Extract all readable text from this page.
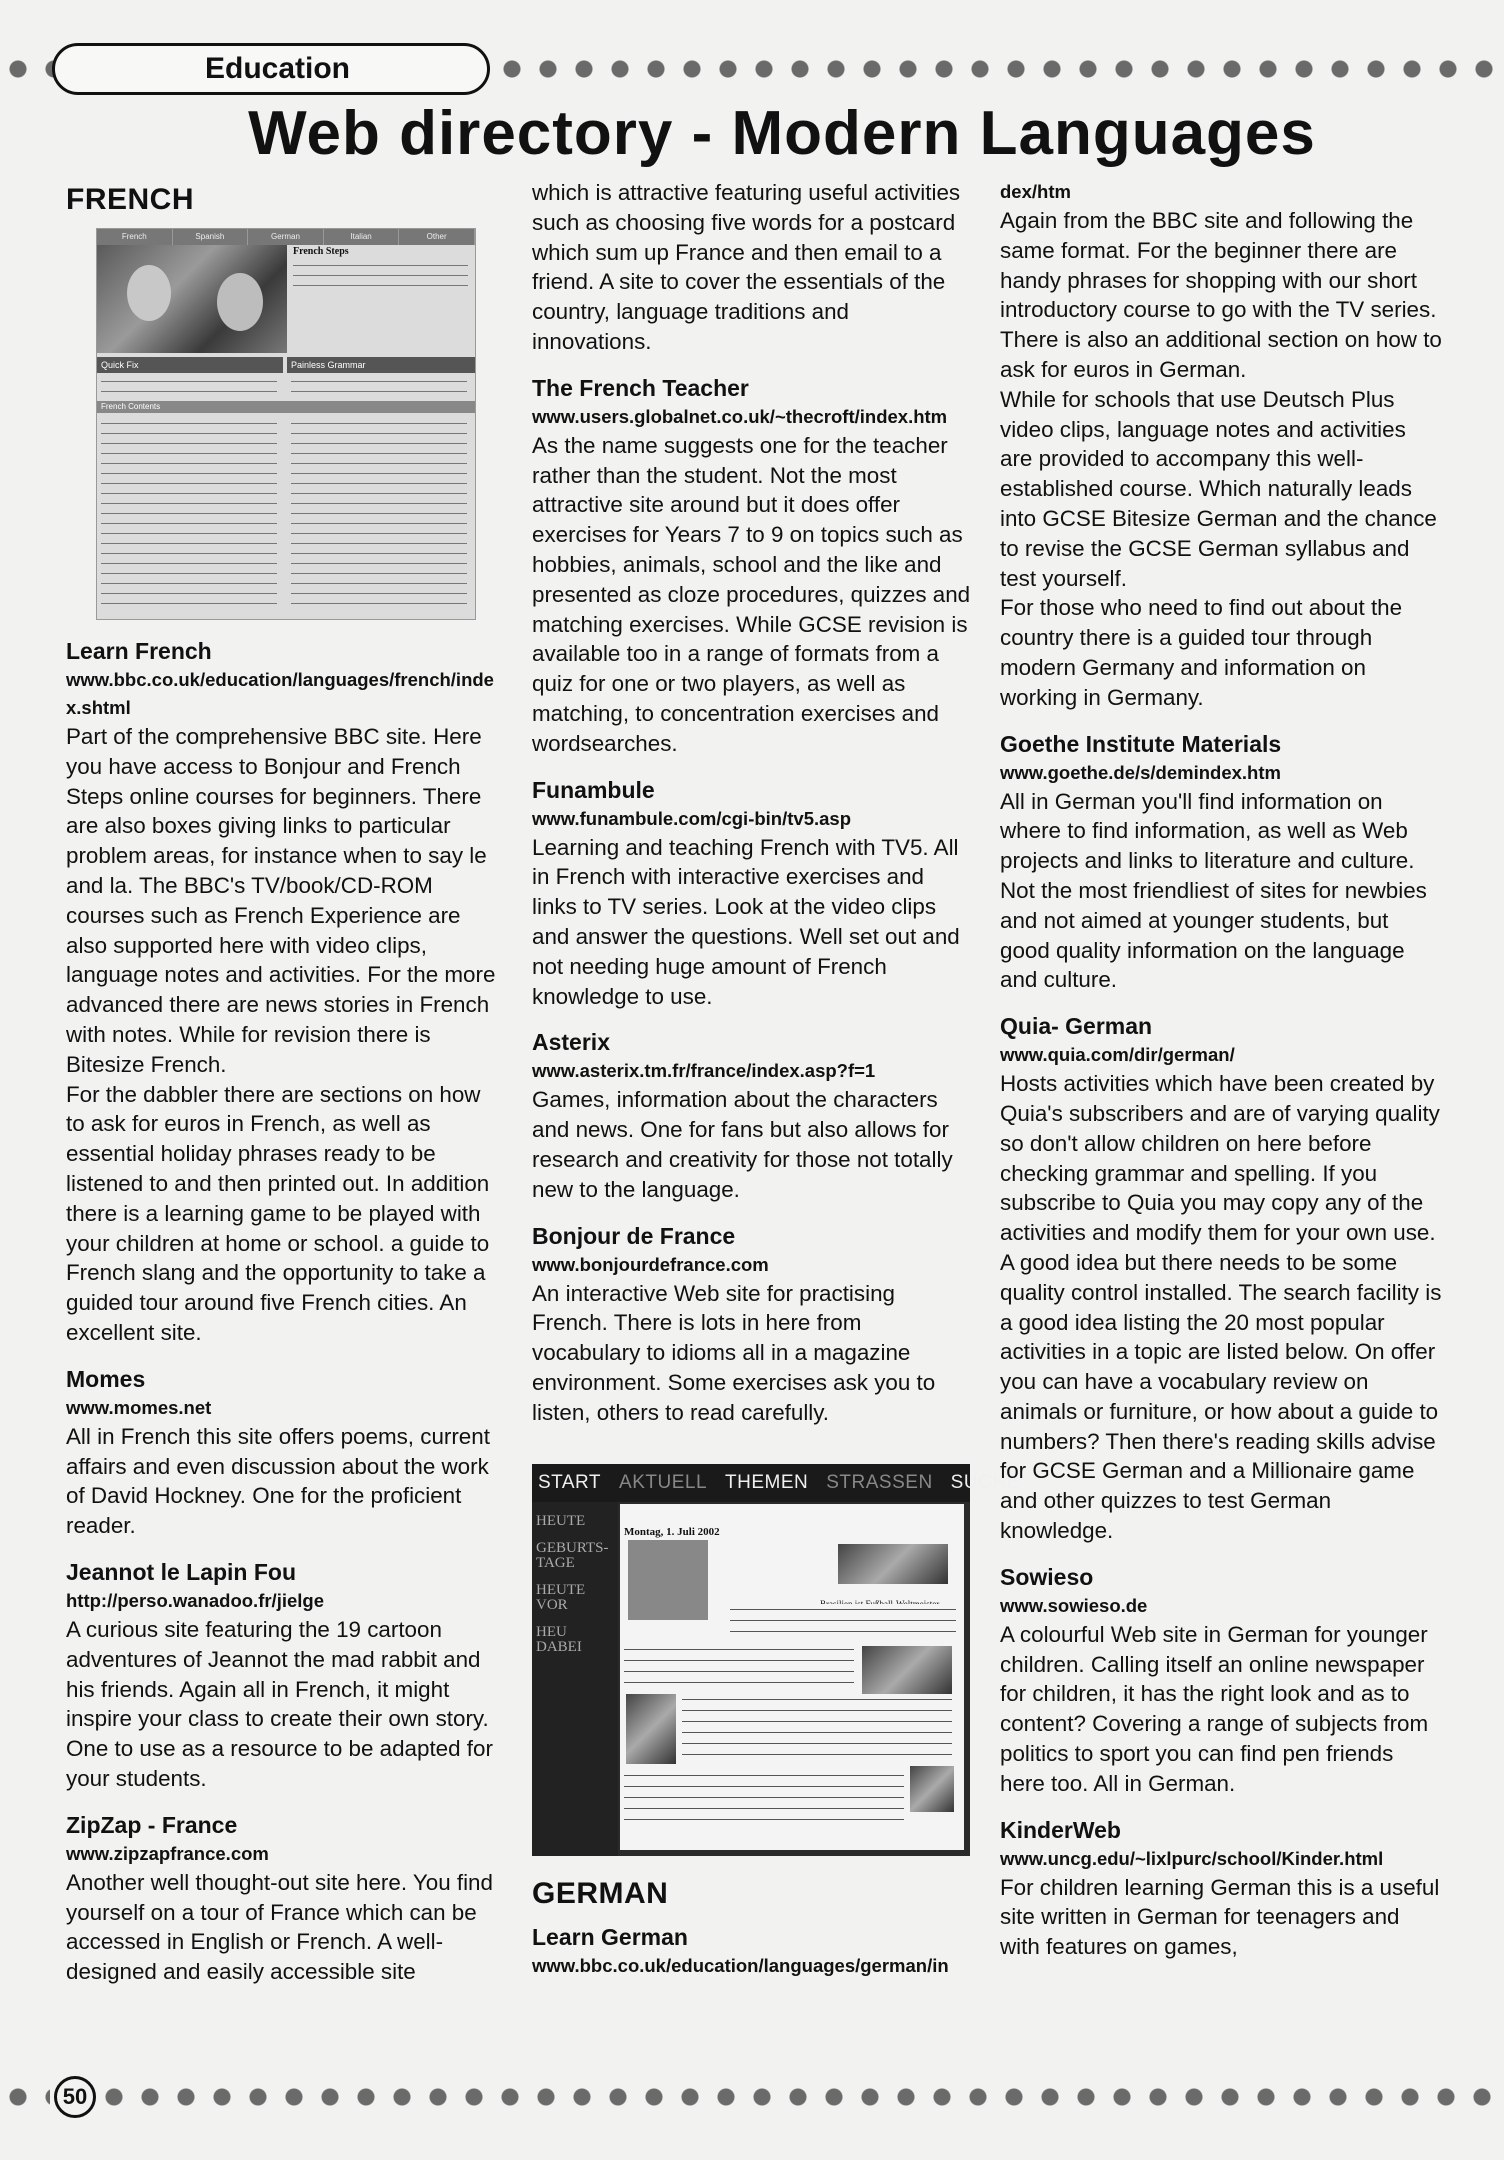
Education
Web directory - Modern Languages
FRENCH
French	Spanish	German	Italian	Other
French Steps
Quick Fix	Painless Grammar
French Contents
Learn French
www.bbc.co.uk/education/languages/french/index.shtml

Part of the comprehensive BBC site. Here you have access to Bonjour and French Steps online courses for beginners. There are also boxes giving links to particular problem areas, for instance when to say le and la. The BBC's TV/book/CD-ROM courses such as French Experience are also supported here with video clips, language notes and activities. For the more advanced there are news stories in French with notes. While for revision there is Bitesize French.

For the dabbler there are sections on how to ask for euros in French, as well as essential holiday phrases ready to be listened to and then printed out. In addition there is a learning game to be played with your children at home or school. a guide to French slang and the opportunity to take a guided tour around five French cities. An excellent site.

Momes
www.momes.net

All in French this site offers poems, current affairs and even discussion about the work of David Hockney. One for the proficient reader.

Jeannot le Lapin Fou
http://perso.wanadoo.fr/jielge

A curious site featuring the 19 cartoon adventures of Jeannot the mad rabbit and his friends. Again all in French, it might inspire your class to create their own story. One to use as a resource to be adapted for your students.

ZipZap - France
www.zipzapfrance.com

Another well thought-out site here. You find yourself on a tour of France which can be accessed in English or French. A well-designed and easily accessible site

which is attractive featuring useful activities such as choosing five words for a postcard which sum up France and then email to a friend. A site to cover the essentials of the country, language traditions and innovations.

The French Teacher
www.users.globalnet.co.uk/~thecroft/index.htm

As the name suggests one for the teacher rather than the student. Not the most attractive site around but it does offer exercises for Years 7 to 9 on topics such as hobbies, animals, school and the like and presented as cloze procedures, quizzes and matching exercises. While GCSE revision is available too in a range of formats from a quiz for one or two players, as well as matching, to concentration exercises and wordsearches.

Funambule
www.funambule.com/cgi-bin/tv5.asp

Learning and teaching French with TV5. All in French with interactive exercises and links to TV series. Look at the video clips and answer the questions. Well set out and not needing huge amount of French knowledge to use.

Asterix
www.asterix.tm.fr/france/index.asp?f=1

Games, information about the characters and news. One for fans but also allows for research and creativity for those not totally new to the language.

Bonjour de France
www.bonjourdefrance.com

An interactive Web site for practising French. There is lots in here from vocabulary to idioms all in a magazine environment. Some exercises ask you to listen, others to read carefully.

START AKTUELL THEMEN STRASSEN SUCHE
HEUTE
GEBURTS-TAGE
HEUTE VOR
HEU DABEI
Montag, 1. Juli 2002
GERMAN
Learn German
www.bbc.co.uk/education/languages/german/in
dex/htm

Again from the BBC site and following the same format. For the beginner there are handy phrases for shopping with our short introductory course to go with the TV series. There is also an additional section on how to ask for euros in German.

While for schools that use Deutsch Plus video clips, language notes and activities are provided to accompany this well-established course. Which naturally leads into GCSE Bitesize German and the chance to revise the GCSE German syllabus and test yourself.

For those who need to find out about the country there is a guided tour through modern Germany and information on working in Germany.

Goethe Institute Materials
www.goethe.de/s/demindex.htm

All in German you'll find information on where to find information, as well as Web projects and links to literature and culture. Not the most friendliest of sites for newbies and not aimed at younger students, but good quality information on the language and culture.

Quia- German
www.quia.com/dir/german/

Hosts activities which have been created by Quia's subscribers and are of varying quality so don't allow children on here before checking grammar and spelling. If you subscribe to Quia you may copy any of the activities and modify them for your own use. A good idea but there needs to be some quality control installed. The search facility is a good idea listing the 20 most popular activities in a topic are listed below. On offer you can have a vocabulary review on animals or furniture, or how about a guide to numbers? Then there's reading skills advise for GCSE German and a Millionaire game and other quizzes to test German knowledge.

Sowieso
www.sowieso.de

A colourful Web site in German for younger children. Calling itself an online newspaper for children, it has the right look and as to content? Covering a range of subjects from politics to sport you can find pen friends here too. All in German.

KinderWeb
www.uncg.edu/~lixlpurc/school/Kinder.html

For children learning German this is a useful site written in German for teenagers and with features on games,

50
